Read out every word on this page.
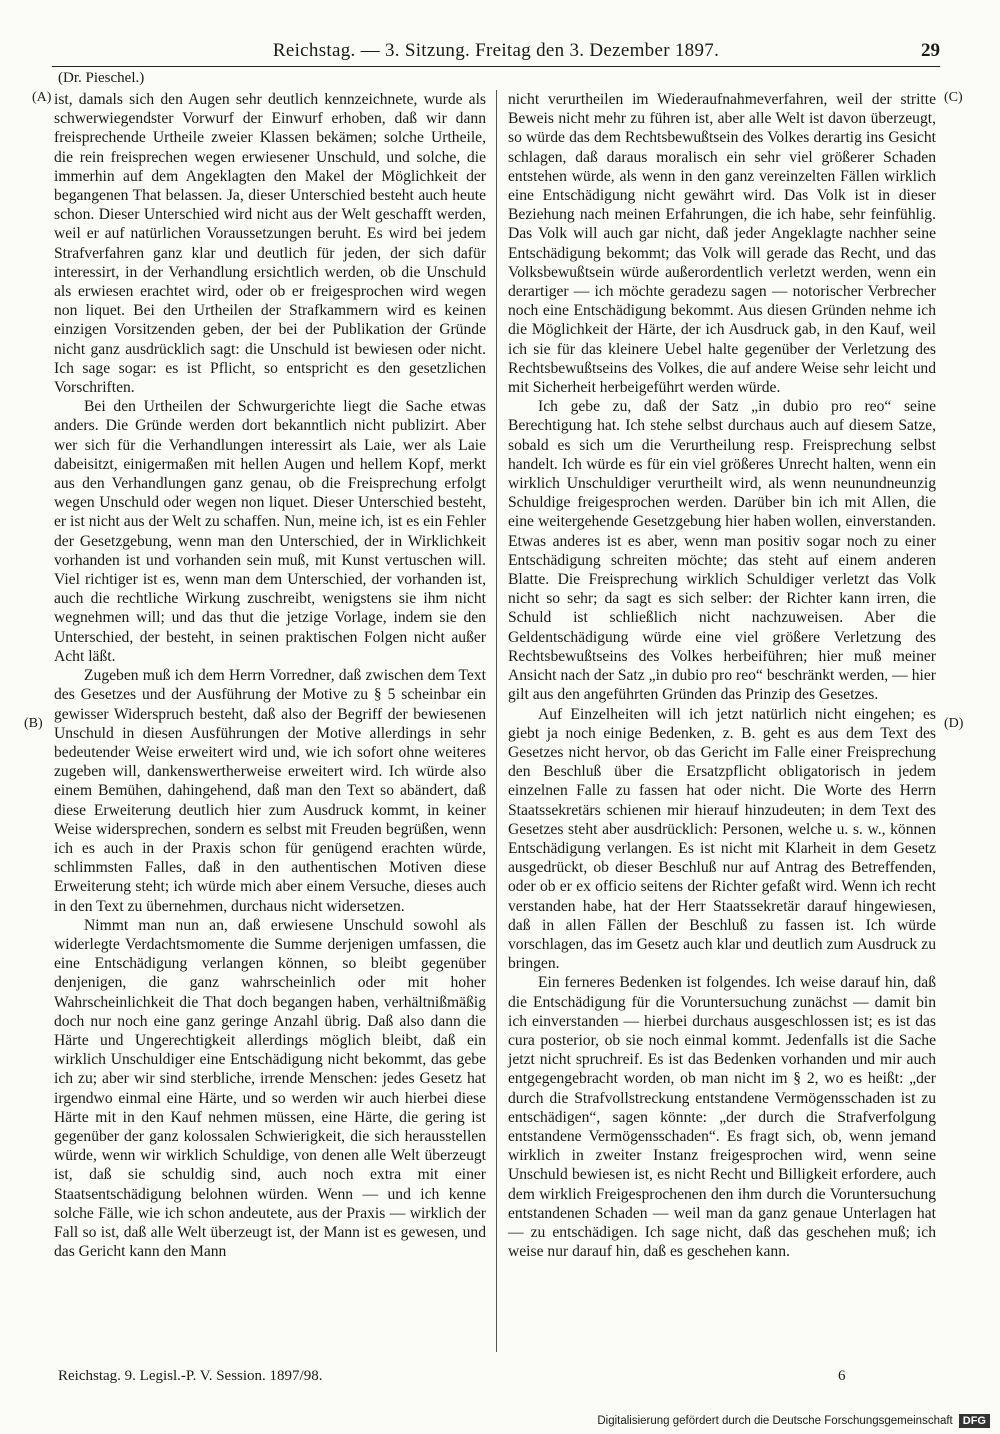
Reichstag. — 3. Sitzung. Freitag den 3. Dezember 1897.	29
(Dr. Pieschel.)
(A)
(B)
(C)
(D)

ist, damals sich den Augen sehr deutlich kennzeichnete, wurde als schwerwiegendster Vorwurf der Einwurf erhoben, daß wir dann freisprechende Urtheile zweier Klassen bekämen; solche Urtheile, die rein freisprechen wegen erwiesener Unschuld, und solche, die immerhin auf dem Angeklagten den Makel der Möglichkeit der begangenen That belassen. Ja, dieser Unterschied besteht auch heute schon. Dieser Unterschied wird nicht aus der Welt geschafft werden, weil er auf natürlichen Voraussetzungen beruht. Es wird bei jedem Strafverfahren ganz klar und deutlich für jeden, der sich dafür interessirt, in der Verhandlung ersichtlich werden, ob die Unschuld als erwiesen erachtet wird, oder ob er freigesprochen wird wegen non liquet. Bei den Urtheilen der Strafkammern wird es keinen einzigen Vorsitzenden geben, der bei der Publikation der Gründe nicht ganz ausdrücklich sagt: die Unschuld ist bewiesen oder nicht. Ich sage sogar: es ist Pflicht, so entspricht es den gesetzlichen Vorschriften.

Bei den Urtheilen der Schwurgerichte liegt die Sache etwas anders. Die Gründe werden dort bekanntlich nicht publizirt. Aber wer sich für die Verhandlungen interessirt als Laie, wer als Laie dabeisitzt, einigermaßen mit hellen Augen und hellem Kopf, merkt aus den Verhandlungen ganz genau, ob die Freisprechung erfolgt wegen Unschuld oder wegen non liquet. Dieser Unterschied besteht, er ist nicht aus der Welt zu schaffen. Nun, meine ich, ist es ein Fehler der Gesetzgebung, wenn man den Unterschied, der in Wirklichkeit vorhanden ist und vorhanden sein muß, mit Kunst vertuschen will. Viel richtiger ist es, wenn man dem Unterschied, der vorhanden ist, auch die rechtliche Wirkung zuschreibt, wenigstens sie ihm nicht wegnehmen will; und das thut die jetzige Vorlage, indem sie den Unterschied, der besteht, in seinen praktischen Folgen nicht außer Acht läßt.

Zugeben muß ich dem Herrn Vorredner, daß zwischen dem Text des Gesetzes und der Ausführung der Motive zu § 5 scheinbar ein gewisser Widerspruch besteht, daß also der Begriff der bewiesenen Unschuld in diesen Ausführungen der Motive allerdings in sehr bedeutender Weise erweitert wird und, wie ich sofort ohne weiteres zugeben will, dankenswertherweise erweitert wird. Ich würde also einem Bemühen, dahingehend, daß man den Text so abändert, daß diese Erweiterung deutlich hier zum Ausdruck kommt, in keiner Weise widersprechen, sondern es selbst mit Freuden begrüßen, wenn ich es auch in der Praxis schon für genügend erachten würde, schlimmsten Falles, daß in den authentischen Motiven diese Erweiterung steht; ich würde mich aber einem Versuche, dieses auch in den Text zu übernehmen, durchaus nicht widersetzen.

Nimmt man nun an, daß erwiesene Unschuld sowohl als widerlegte Verdachtsmomente die Summe derjenigen umfassen, die eine Entschädigung verlangen können, so bleibt gegenüber denjenigen, die ganz wahrscheinlich oder mit hoher Wahrscheinlichkeit die That doch begangen haben, verhältnißmäßig doch nur noch eine ganz geringe Anzahl übrig. Daß also dann die Härte und Ungerechtigkeit allerdings möglich bleibt, daß ein wirklich Unschuldiger eine Entschädigung nicht bekommt, das gebe ich zu; aber wir sind sterbliche, irrende Menschen: jedes Gesetz hat irgendwo einmal eine Härte, und so werden wir auch hierbei diese Härte mit in den Kauf nehmen müssen, eine Härte, die gering ist gegenüber der ganz kolossalen Schwierigkeit, die sich herausstellen würde, wenn wir wirklich Schuldige, von denen alle Welt überzeugt ist, daß sie schuldig sind, auch noch extra mit einer Staatsentschädigung belohnen würden. Wenn — und ich kenne solche Fälle, wie ich schon andeutete, aus der Praxis — wirklich der Fall so ist, daß alle Welt überzeugt ist, der Mann ist es gewesen, und das Gericht kann den Mann

nicht verurtheilen im Wiederaufnahmeverfahren, weil der stritte Beweis nicht mehr zu führen ist, aber alle Welt ist davon überzeugt, so würde das dem Rechtsbewußtsein des Volkes derartig ins Gesicht schlagen, daß daraus moralisch ein sehr viel größerer Schaden entstehen würde, als wenn in den ganz vereinzelten Fällen wirklich eine Entschädigung nicht gewährt wird. Das Volk ist in dieser Beziehung nach meinen Erfahrungen, die ich habe, sehr feinfühlig. Das Volk will auch gar nicht, daß jeder Angeklagte nachher seine Entschädigung bekommt; das Volk will gerade das Recht, und das Volksbewußtsein würde außerordentlich verletzt werden, wenn ein derartiger — ich möchte geradezu sagen — notorischer Verbrecher noch eine Entschädigung bekommt. Aus diesen Gründen nehme ich die Möglichkeit der Härte, der ich Ausdruck gab, in den Kauf, weil ich sie für das kleinere Uebel halte gegenüber der Verletzung des Rechtsbewußtseins des Volkes, die auf andere Weise sehr leicht und mit Sicherheit herbeigeführt werden würde.

Ich gebe zu, daß der Satz „in dubio pro reo“ seine Berechtigung hat. Ich stehe selbst durchaus auch auf diesem Satze, sobald es sich um die Verurtheilung resp. Freisprechung selbst handelt. Ich würde es für ein viel größeres Unrecht halten, wenn ein wirklich Unschuldiger verurtheilt wird, als wenn neunundneunzig Schuldige freigesprochen werden. Darüber bin ich mit Allen, die eine weitergehende Gesetzgebung hier haben wollen, einverstanden. Etwas anderes ist es aber, wenn man positiv sogar noch zu einer Entschädigung schreiten möchte; das steht auf einem anderen Blatte. Die Freisprechung wirklich Schuldiger verletzt das Volk nicht so sehr; da sagt es sich selber: der Richter kann irren, die Schuld ist schließlich nicht nachzuweisen. Aber die Geldentschädigung würde eine viel größere Verletzung des Rechtsbewußtseins des Volkes herbeiführen; hier muß meiner Ansicht nach der Satz „in dubio pro reo“ beschränkt werden, — hier gilt aus den angeführten Gründen das Prinzip des Gesetzes.

Auf Einzelheiten will ich jetzt natürlich nicht eingehen; es giebt ja noch einige Bedenken, z. B. geht es aus dem Text des Gesetzes nicht hervor, ob das Gericht im Falle einer Freisprechung den Beschluß über die Ersatzpflicht obligatorisch in jedem einzelnen Falle zu fassen hat oder nicht. Die Worte des Herrn Staatssekretärs schienen mir hierauf hinzudeuten; in dem Text des Gesetzes steht aber ausdrücklich: Personen, welche u. s. w., können Entschädigung verlangen. Es ist nicht mit Klarheit in dem Gesetz ausgedrückt, ob dieser Beschluß nur auf Antrag des Betreffenden, oder ob er ex officio seitens der Richter gefaßt wird. Wenn ich recht verstanden habe, hat der Herr Staatssekretär darauf hingewiesen, daß in allen Fällen der Beschluß zu fassen ist. Ich würde vorschlagen, das im Gesetz auch klar und deutlich zum Ausdruck zu bringen.

Ein ferneres Bedenken ist folgendes. Ich weise darauf hin, daß die Entschädigung für die Voruntersuchung zunächst — damit bin ich einverstanden — hierbei durchaus ausgeschlossen ist; es ist das cura posterior, ob sie noch einmal kommt. Jedenfalls ist die Sache jetzt nicht spruchreif. Es ist das Bedenken vorhanden und mir auch entgegengebracht worden, ob man nicht im § 2, wo es heißt: „der durch die Strafvollstreckung entstandene Vermögensschaden ist zu entschädigen“, sagen könnte: „der durch die Strafverfolgung entstandene Vermögensschaden“. Es fragt sich, ob, wenn jemand wirklich in zweiter Instanz freigesprochen wird, wenn seine Unschuld bewiesen ist, es nicht Recht und Billigkeit erfordere, auch dem wirklich Freigesprochenen den ihm durch die Voruntersuchung entstandenen Schaden — weil man da ganz genaue Unterlagen hat — zu entschädigen. Ich sage nicht, daß das geschehen muß; ich weise nur darauf hin, daß es geschehen kann.

Reichstag. 9. Legisl.-P. V. Session. 1897/98.	6
Digitalisierung gefördert durch die Deutsche Forschungsgemeinschaft DFG
